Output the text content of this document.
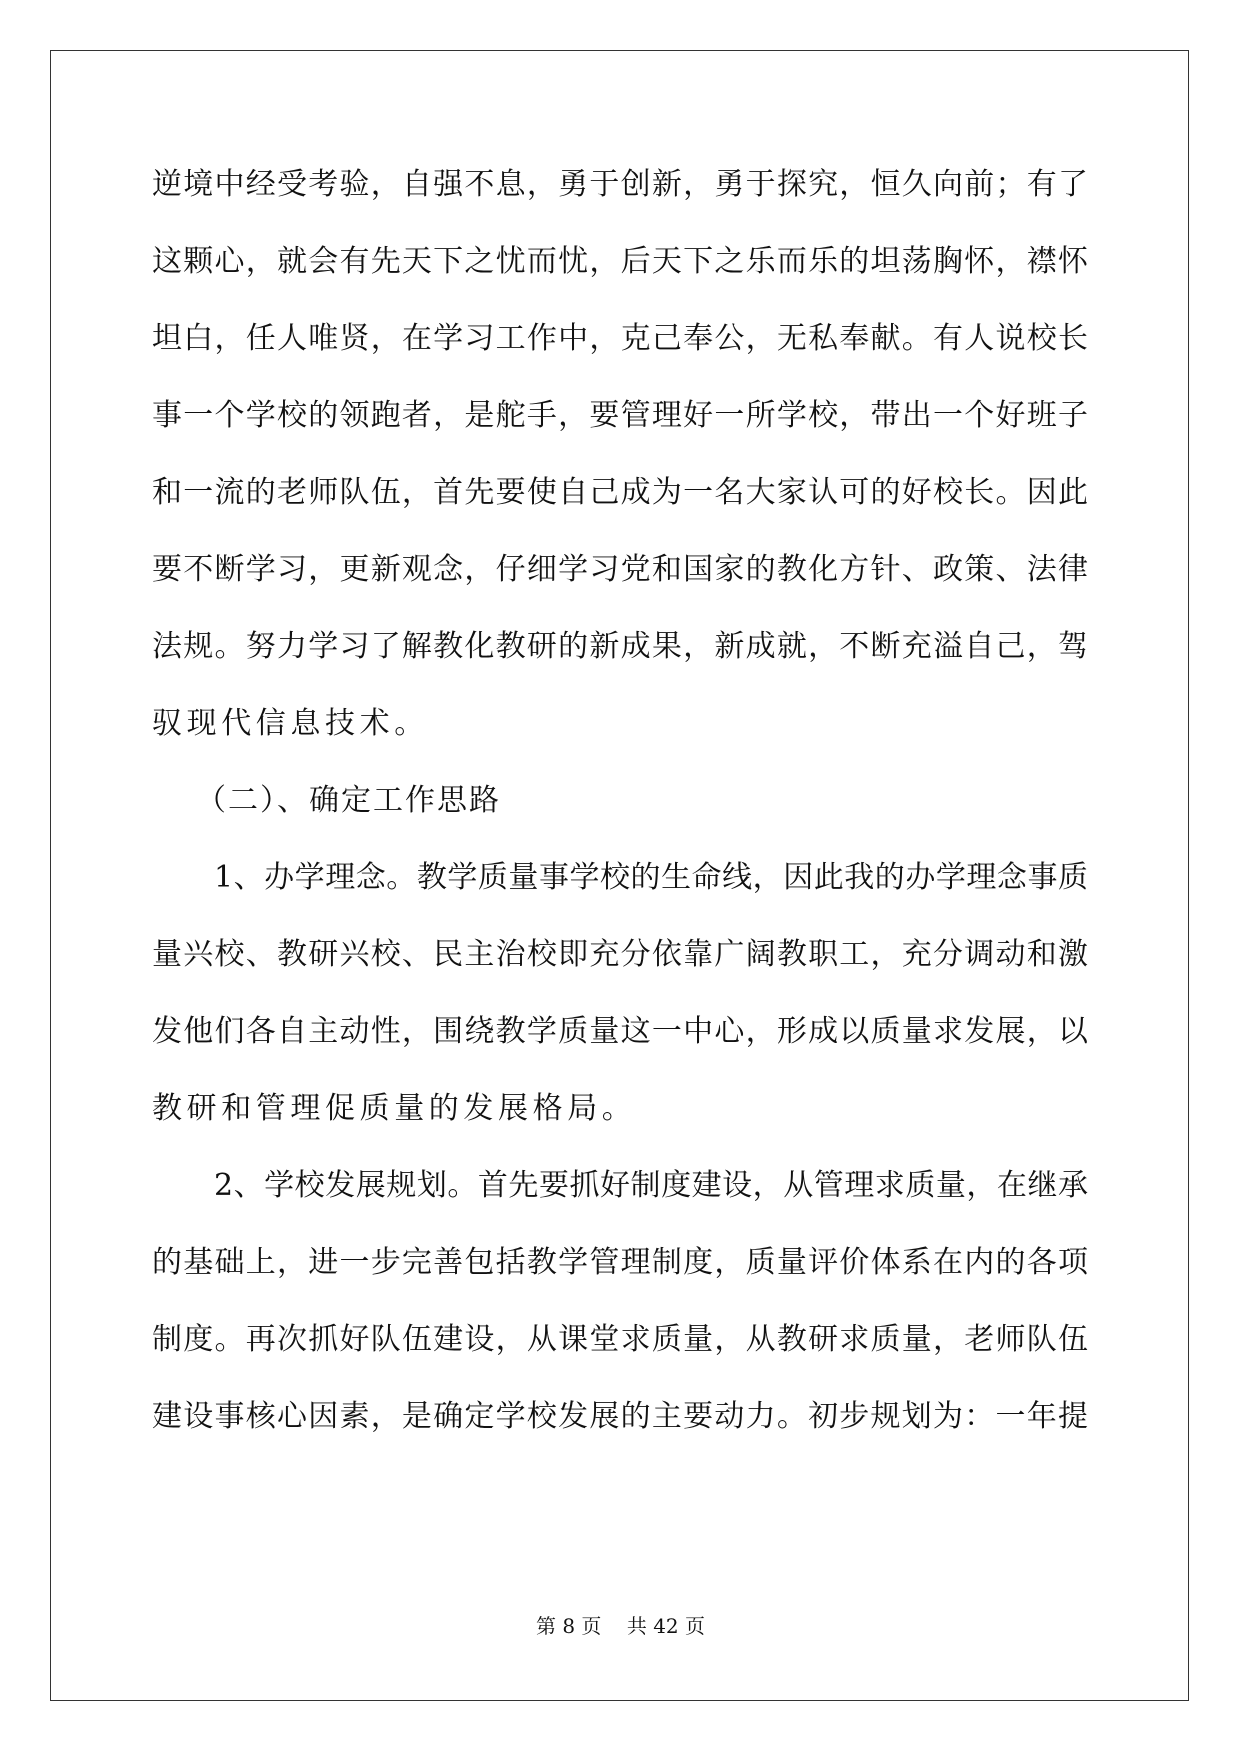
逆境中经受考验，自强不息，勇于创新，勇于探究，恒久向前；有了
这颗心，就会有先天下之忧而忧，后天下之乐而乐的坦荡胸怀，襟怀
坦白，任人唯贤，在学习工作中，克己奉公，无私奉献。有人说校长
事一个学校的领跑者，是舵手，要管理好一所学校，带出一个好班子
和一流的老师队伍，首先要使自己成为一名大家认可的好校长。因此
要不断学习，更新观念，仔细学习党和国家的教化方针、政策、法律
法规。努力学习了解教化教研的新成果，新成就，不断充溢自己，驾
驭现代信息技术。
（二）、确定工作思路
1、办学理念。教学质量事学校的生命线，因此我的办学理念事质
量兴校、教研兴校、民主治校即充分依靠广阔教职工，充分调动和激
发他们各自主动性，围绕教学质量这一中心，形成以质量求发展，以
教研和管理促质量的发展格局。
2、学校发展规划。首先要抓好制度建设，从管理求质量，在继承
的基础上，进一步完善包括教学管理制度，质量评价体系在内的各项
制度。再次抓好队伍建设，从课堂求质量，从教研求质量，老师队伍
建设事核心因素，是确定学校发展的主要动力。初步规划为：一年提
第 8 页    共 42 页
